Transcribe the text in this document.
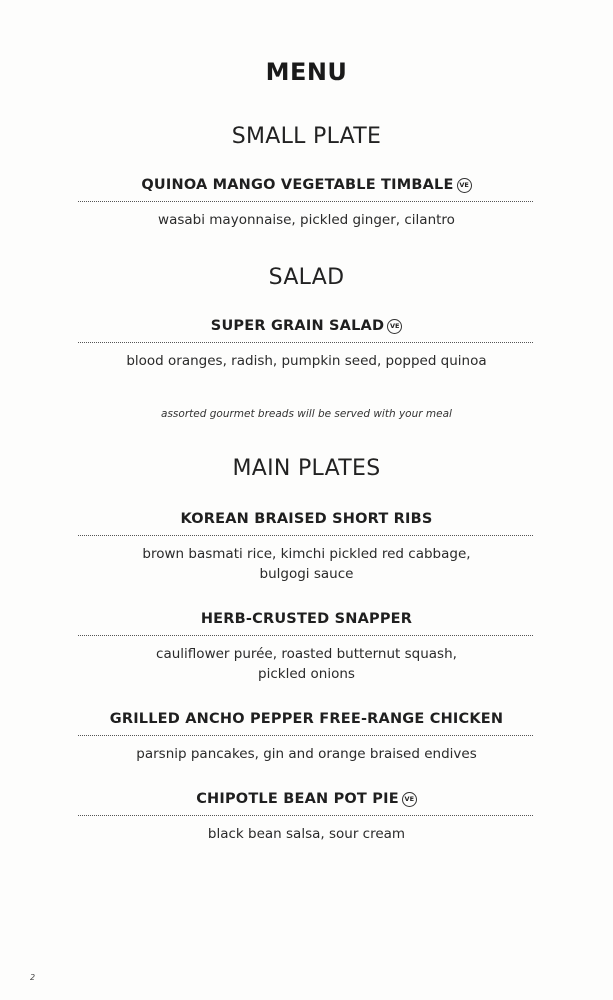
MENU
SMALL PLATE
QUINOA MANGO VEGETABLE TIMBALE VE
wasabi mayonnaise, pickled ginger, cilantro
SALAD
SUPER GRAIN SALAD VE
blood oranges, radish, pumpkin seed, popped quinoa
assorted gourmet breads will be served with your meal
MAIN PLATES
KOREAN BRAISED SHORT RIBS
brown basmati rice, kimchi pickled red cabbage,
bulgogi sauce
HERB-CRUSTED SNAPPER
cauliflower purée, roasted butternut squash,
pickled onions
GRILLED ANCHO PEPPER FREE-RANGE CHICKEN
parsnip pancakes, gin and orange braised endives
CHIPOTLE BEAN POT PIE VE
black bean salsa, sour cream
2
